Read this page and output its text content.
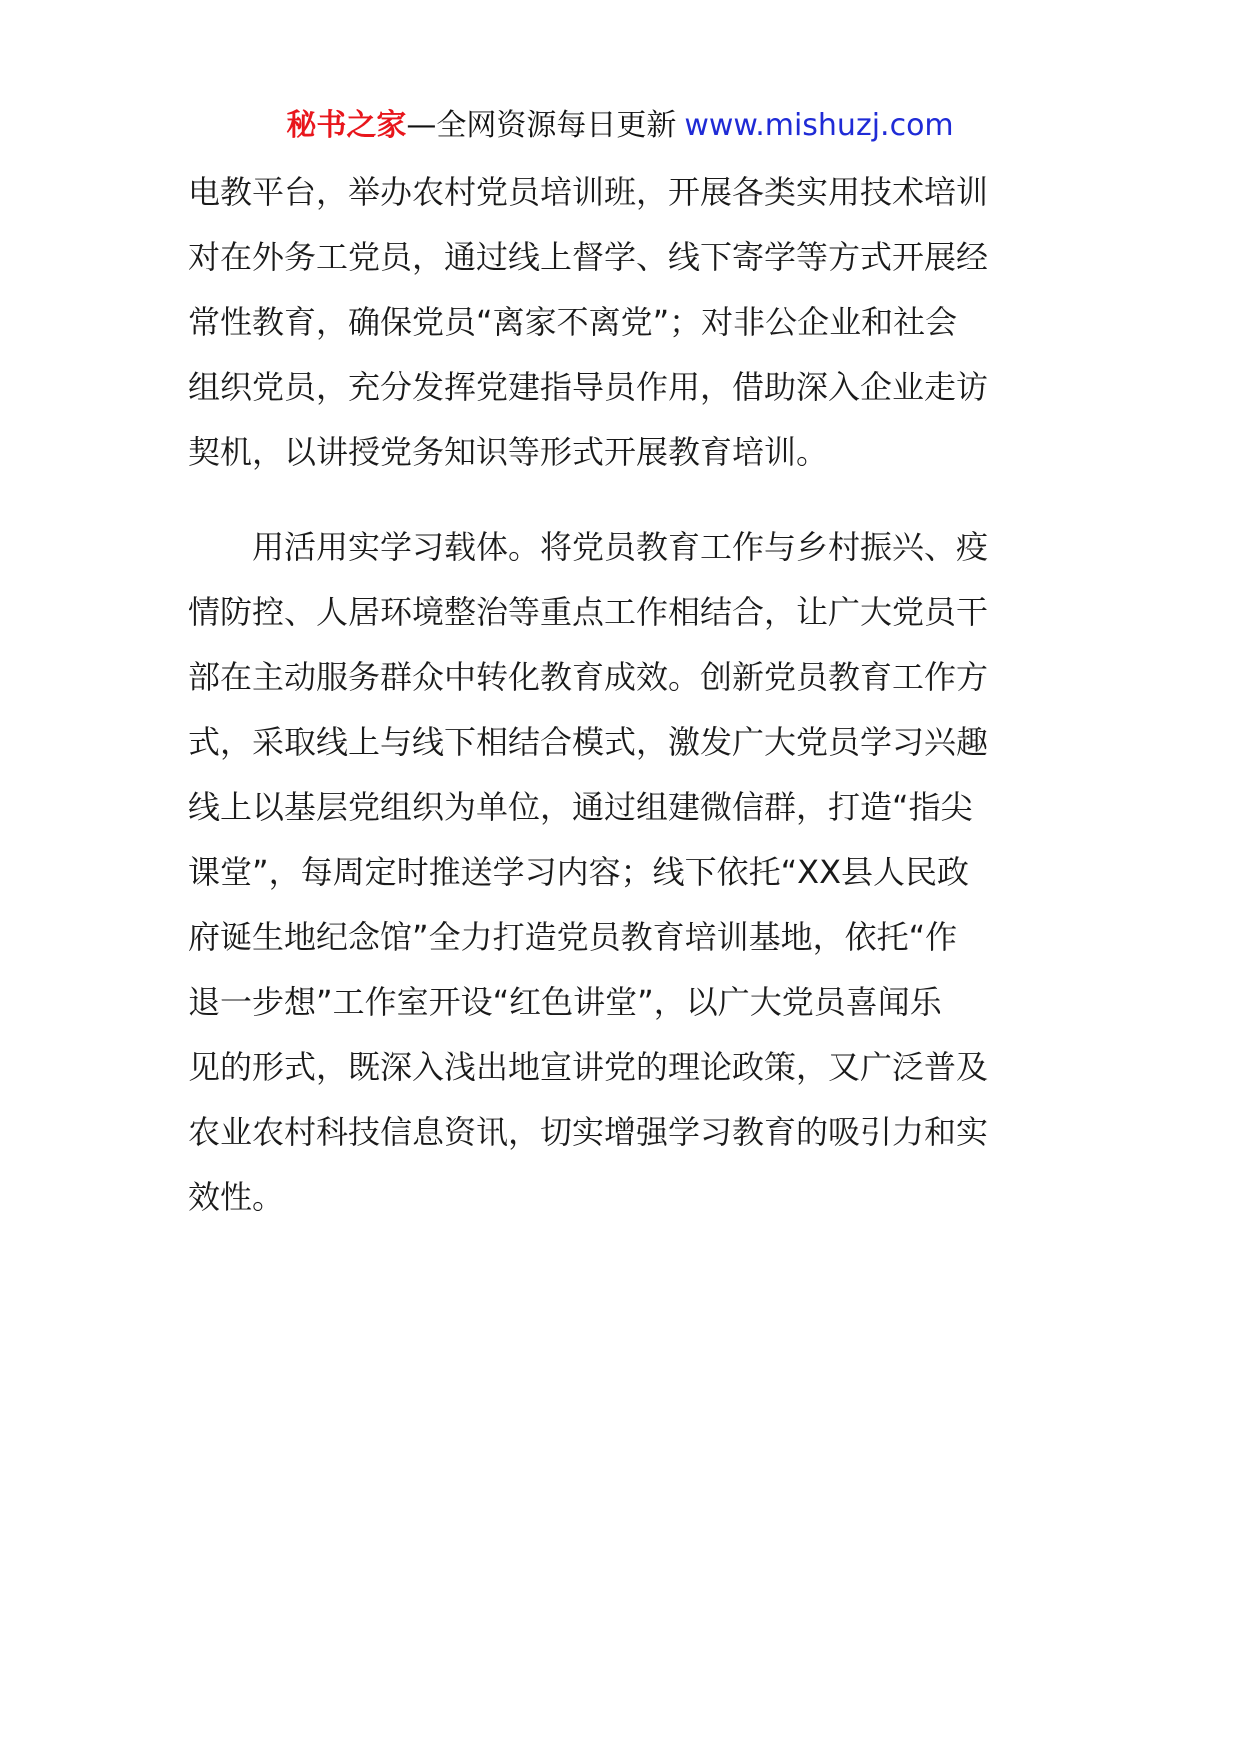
秘书之家—全网资源每日更新 www.mishuzj.com
电教平台，举办农村党员培训班，开展各类实用技术培训
对在外务工党员，通过线上督学、线下寄学等方式开展经
常性教育，确保党员“离家不离党”；对非公企业和社会
组织党员，充分发挥党建指导员作用，借助深入企业走访
契机，以讲授党务知识等形式开展教育培训。
　　用活用实学习载体。将党员教育工作与乡村振兴、疫
情防控、人居环境整治等重点工作相结合，让广大党员干
部在主动服务群众中转化教育成效。创新党员教育工作方
式，采取线上与线下相结合模式，激发广大党员学习兴趣
线上以基层党组织为单位，通过组建微信群，打造“指尖
课堂”，每周定时推送学习内容；线下依托“XX县人民政
府诞生地纪念馆”全力打造党员教育培训基地，依托“作
退一步想”工作室开设“红色讲堂”，以广大党员喜闻乐
见的形式，既深入浅出地宣讲党的理论政策，又广泛普及
农业农村科技信息资讯，切实增强学习教育的吸引力和实
效性。
